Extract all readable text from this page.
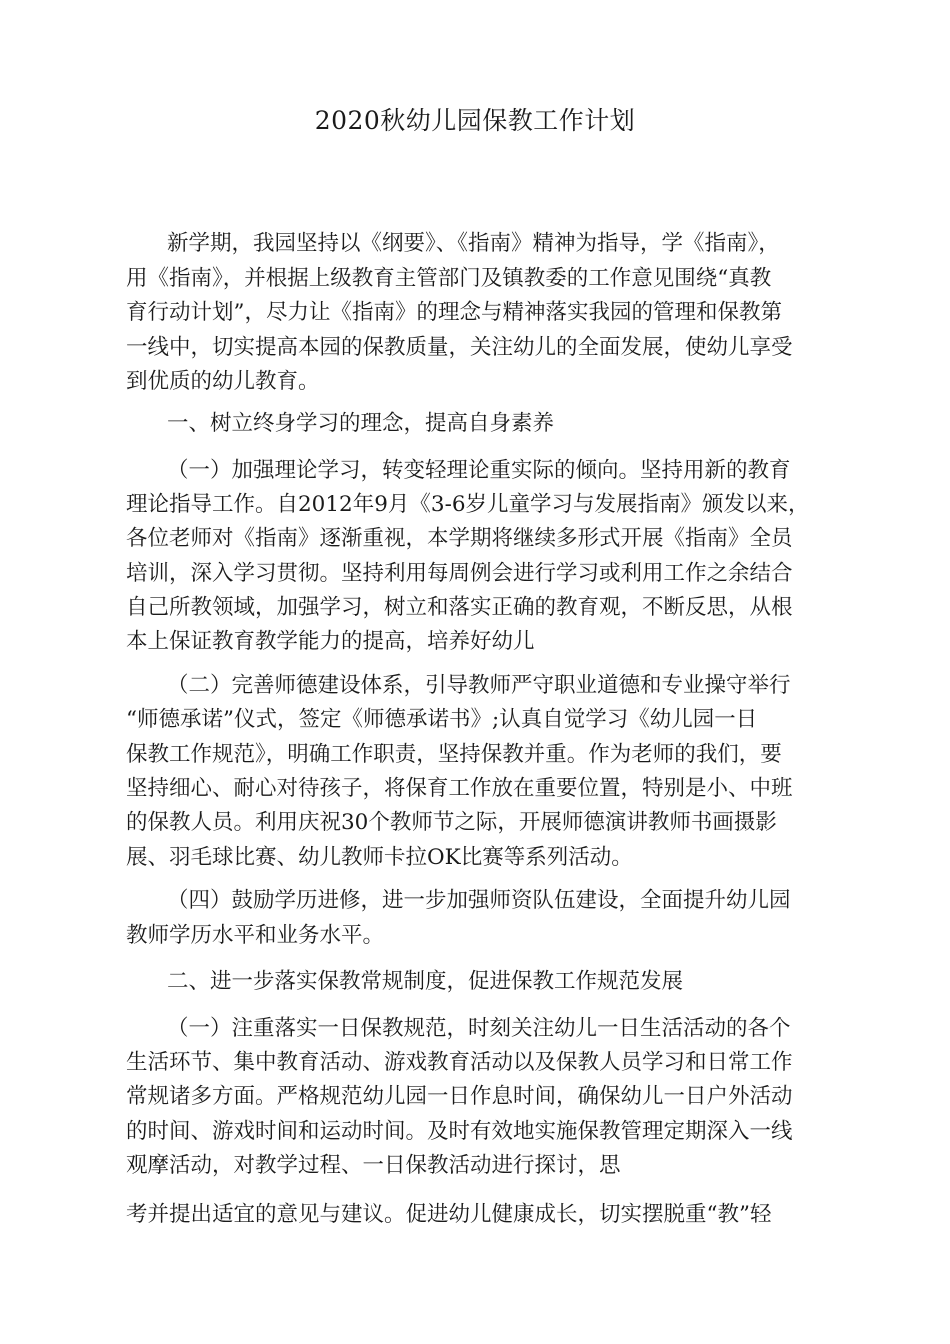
2020秋幼儿园保教工作计划

新学期，我园坚持以《纲要》、《指南》精神为指导，学《指南》，

用《指南》，并根据上级教育主管部门及镇教委的工作意见围绕“真教

育行动计划”，尽力让《指南》的理念与精神落实我园的管理和保教第

一线中，切实提高本园的保教质量，关注幼儿的全面发展，使幼儿享受

到优质的幼儿教育。

一、树立终身学习的理念，提高自身素养

（一）加强理论学习，转变轻理论重实际的倾向。坚持用新的教育

理论指导工作。自2012年9月《3-6岁儿童学习与发展指南》颁发以来，

各位老师对《指南》逐渐重视，本学期将继续多形式开展《指南》全员

培训，深入学习贯彻。坚持利用每周例会进行学习或利用工作之余结合

自己所教领域，加强学习，树立和落实正确的教育观，不断反思，从根

本上保证教育教学能力的提高，培养好幼儿

（二）完善师德建设体系，引导教师严守职业道德和专业操守举行

“师德承诺”仪式，签定《师德承诺书》;认真自觉学习《幼儿园一日

保教工作规范》，明确工作职责，坚持保教并重。作为老师的我们，要

坚持细心、耐心对待孩子，将保育工作放在重要位置，特别是小、中班

的保教人员。利用庆祝30个教师节之际，开展师德演讲教师书画摄影

展、羽毛球比赛、幼儿教师卡拉OK比赛等系列活动。

（四）鼓励学历进修，进一步加强师资队伍建设，全面提升幼儿园

教师学历水平和业务水平。

二、进一步落实保教常规制度，促进保教工作规范发展

（一）注重落实一日保教规范，时刻关注幼儿一日生活活动的各个

生活环节、集中教育活动、游戏教育活动以及保教人员学习和日常工作

常规诸多方面。严格规范幼儿园一日作息时间，确保幼儿一日户外活动

的时间、游戏时间和运动时间。及时有效地实施保教管理定期深入一线

观摩活动，对教学过程、一日保教活动进行探讨，思

考并提出适宜的意见与建议。促进幼儿健康成长，切实摆脱重“教”轻
